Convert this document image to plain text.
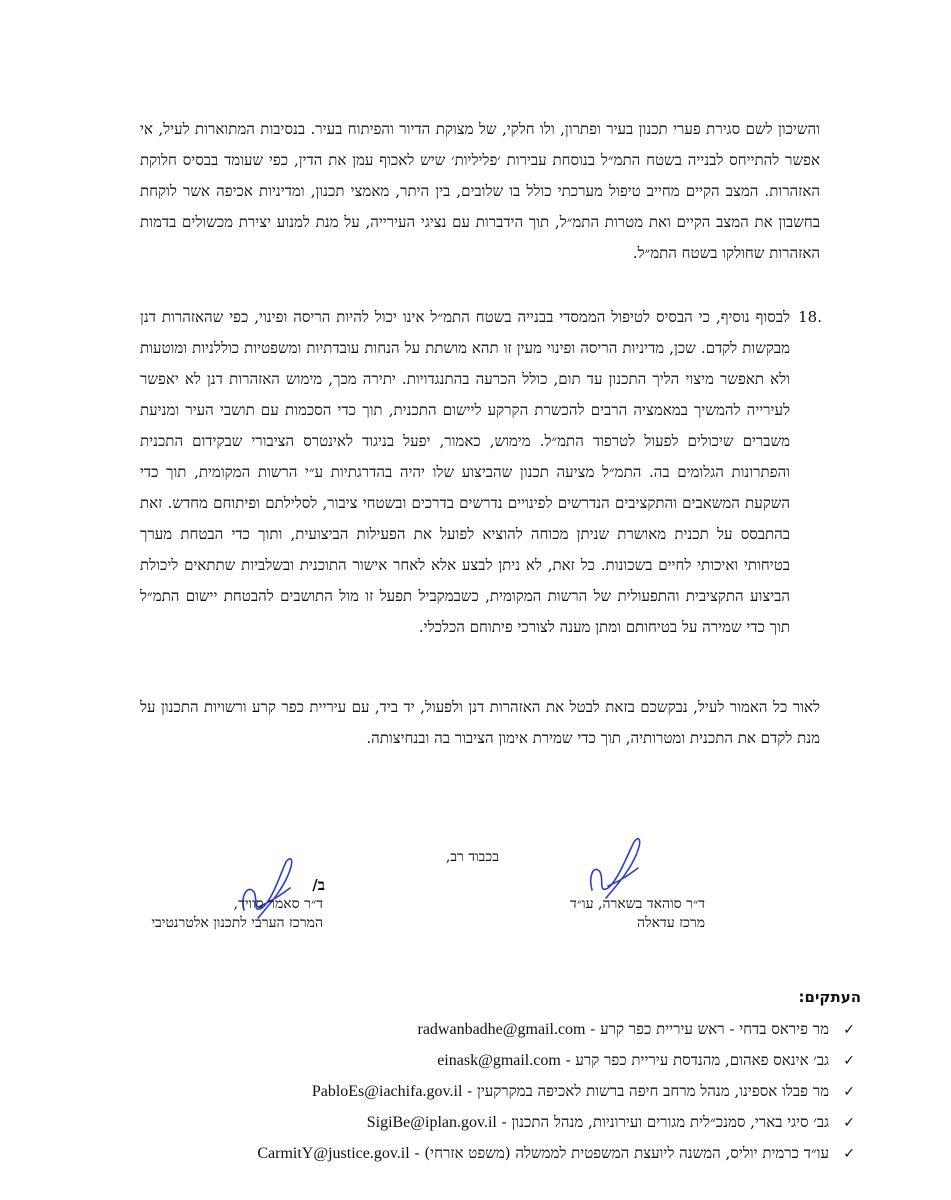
והשיכון לשם סגירת פערי תכנון בעיר ופתרון, ולו חלקי, של מצוקת הדיור והפיתוח בעיר. בנסיבות המתוארות לעיל, אי אפשר להתייחס לבנייה בשטח התמ״ל בנוסחת עבירות ׳פליליות׳ שיש לאכוף עמן את הדין, כפי שעומד בבסיס חלוקת האזהרות. המצב הקיים מחייב טיפול מערכתי כולל בו שלובים, בין היתר, מאמצי תכנון, ומדיניות אכיפה אשר לוקחת בחשבון את המצב הקיים ואת מטרות התמ״ל, תוך הידברות עם נציגי העירייה, על מנת למנוע יצירת מכשולים בדמות האזהרות שחולקו בשטח התמ״ל.

18.

לבסוף נוסיף, כי הבסיס לטיפול הממסדי בבנייה בשטח התמ״ל אינו יכול להיות הריסה ופינוי, כפי שהאזהרות דנן מבקשות לקדם. שכן, מדיניות הריסה ופינוי מעין זו תהא מושתת על הנחות עובדתיות ומשפטיות כוללניות ומוטעות ולא תאפשר מיצוי הליך התכנון עד תום, כולל הכרעה בהתנגדויות. יתירה מכך, מימוש האזהרות דנן לא יאפשר לעירייה להמשיך במאמציה הרבים להכשרת הקרקע ליישום התכנית, תוך כדי הסכמות עם תושבי העיר ומניעת משברים שיכולים לפעול לטרפוד התמ״ל. מימוש, כאמור, יפעל בניגוד לאינטרס הציבורי שבקידום התכנית והפתרונות הגלומים בה. התמ״ל מציעה תכנון שהביצוע שלו יהיה בהדרגתיות ע״י הרשות המקומית, תוך כדי השקעת המשאבים והתקציבים הנדרשים לפינויים נדרשים בדרכים ובשטחי ציבור, לסלילתם ופיתוחם מחדש. זאת בהתבסס על תכנית מאושרת שניתן מכוחה להוציא לפועל את הפעילות הביצועית, ותוך כדי הבטחת מערך בטיחותי ואיכותי לחיים בשכונות. כל זאת, לא ניתן לבצע אלא לאחר אישור התוכנית ובשלביות שתתאים ליכולת הביצוע התקציבית והתפעולית של הרשות המקומית, כשבמקביל תפעל זו מול התושבים להבטחת יישום התמ״ל תוך כדי שמירה על בטיחותם ומתן מענה לצורכי פיתוחם הכלכלי.

לאור כל האמור לעיל, נבקשכם בזאת לבטל את האזהרות דנן ולפעול, יד ביד, עם עיריית כפר קרע ורשויות התכנון על מנת לקדם את התכנית ומטרותיה, תוך כדי שמירת אימון הציבור בה ובנחיצותה.

בכבוד רב,
ב/
ד״ר סוהאד בשארה, עו״ד
מרכז עדאלה
ד״ר סאמר סוויד,
המרכז הערבי לתכנון אלטרנטיבי
העתקים:
✓מר פיראס בדחי - ראש עיריית כפר קרע - radwanbadhe@gmail.com
✓גב׳ אינאס פאהום, מהנדסת עיריית כפר קרע - einask@gmail.com
✓מר פבלו אספינו, מנהל מרחב חיפה ברשות לאכיפה במקרקעין - PabloEs@iachifa.gov.il
✓גב׳ סיגי בארי, סמנכ״לית מגורים ועירוניות, מנהל התכנון - SigiBe@iplan.gov.il
✓עו״ד כרמית יוליס, המשנה ליועצת המשפטית לממשלה (משפט אזרחי) - CarmitY@justice.gov.il
